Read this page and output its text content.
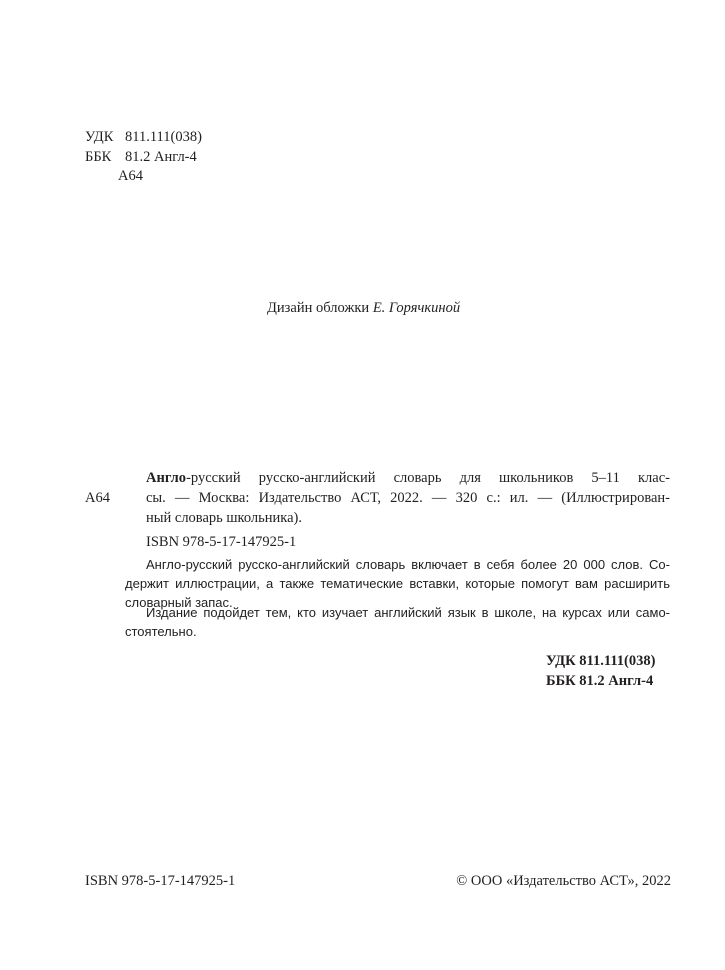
УДК 811.111(038)
ББК 81.2 Англ-4
А64
Дизайн обложки Е. Горячкиной
А64
Англо-русский русско-английский словарь для школьников 5–11 клас-
сы. — Москва: Издательство АСТ, 2022. — 320 с.: ил. — (Иллюстрирован-
ный словарь школьника).
ISBN 978-5-17-147925-1
Англо-русский русско-английский словарь включает в себя более 20 000 слов. Со-
держит иллюстрации, а также тематические вставки, которые помогут вам расширить
словарный запас.
Издание подойдет тем, кто изучает английский язык в школе, на курсах или само-
стоятельно.
УДК 811.111(038)
ББК 81.2 Англ-4
ISBN 978-5-17-147925-1	© ООО «Издательство АСТ», 2022
